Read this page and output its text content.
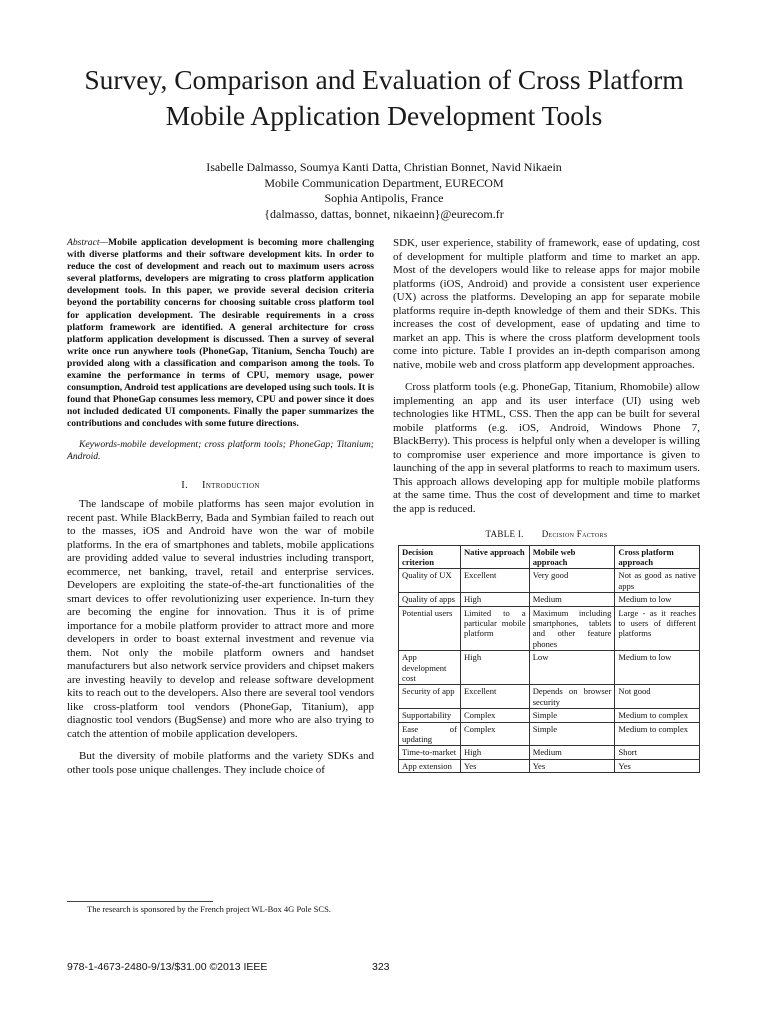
Survey, Comparison and Evaluation of Cross Platform Mobile Application Development Tools
Isabelle Dalmasso, Soumya Kanti Datta, Christian Bonnet, Navid Nikaein
Mobile Communication Department, EURECOM
Sophia Antipolis, France
{dalmasso, dattas, bonnet, nikaeinn}@eurecom.fr
Abstract—Mobile application development is becoming more challenging with diverse platforms and their software development kits. In order to reduce the cost of development and reach out to maximum users across several platforms, developers are migrating to cross platform application development tools. In this paper, we provide several decision criteria beyond the portability concerns for choosing suitable cross platform tool for application development. The desirable requirements in a cross platform framework are identified. A general architecture for cross platform application development is discussed. Then a survey of several write once run anywhere tools (PhoneGap, Titanium, Sencha Touch) are provided along with a classification and comparison among the tools. To examine the performance in terms of CPU, memory usage, power consumption, Android test applications are developed using such tools. It is found that PhoneGap consumes less memory, CPU and power since it does not included dedicated UI components. Finally the paper summarizes the contributions and concludes with some future directions.
Keywords-mobile development; cross platform tools; PhoneGap; Titanium; Android.
I. Introduction

The landscape of mobile platforms has seen major evolution in recent past. While BlackBerry, Bada and Symbian failed to reach out to the masses, iOS and Android have won the war of mobile platforms. In the era of smartphones and tablets, mobile applications are providing added value to several industries including transport, ecommerce, net banking, travel, retail and enterprise services. Developers are exploiting the state-of-the-art functionalities of the smart devices to offer revolutionizing user experience. In-turn they are becoming the engine for innovation. Thus it is of prime importance for a mobile platform provider to attract more and more developers in order to boast external investment and revenue via them. Not only the mobile platform owners and handset manufacturers but also network service providers and chipset makers are investing heavily to develop and release software development kits to reach out to the developers. Also there are several tool vendors like cross-platform tool vendors (PhoneGap, Titanium), app diagnostic tool vendors (BugSense) and more who are also trying to catch the attention of mobile application developers.

But the diversity of mobile platforms and the variety SDKs and other tools pose unique challenges. They include choice of

SDK, user experience, stability of framework, ease of updating, cost of development for multiple platform and time to market an app. Most of the developers would like to release apps for major mobile platforms (iOS, Android) and provide a consistent user experience (UX) across the platforms. Developing an app for separate mobile platforms require in-depth knowledge of them and their SDKs. This increases the cost of development, ease of updating and time to market an app. This is where the cross platform development tools come into picture. Table I provides an in-depth comparison among native, mobile web and cross platform app development approaches.

Cross platform tools (e.g. PhoneGap, Titanium, Rhomobile) allow implementing an app and its user interface (UI) using web technologies like HTML, CSS. Then the app can be built for several mobile platforms (e.g. iOS, Android, Windows Phone 7, BlackBerry). This process is helpful only when a developer is willing to compromise user experience and more importance is given to launching of the app in several platforms to reach to maximum users. This approach allows developing app for multiple mobile platforms at the same time. Thus the cost of development and time to market the app is reduced.

TABLE I. Decision Factors
Decision criterion	Native approach	Mobile web approach	Cross platform approach
Quality of UX	Excellent	Very good	Not as good as native apps
Quality of apps	High	Medium	Medium to low
Potential users	Limited to a particular mobile platform	Maximum including smartphones, tablets and other feature phones	Large - as it reaches to users of different platforms
App development cost	High	Low	Medium to low
Security of app	Excellent	Depends on browser security	Not good
Supportability	Complex	Simple	Medium to complex
Ease of updating	Complex	Simple	Medium to complex
Time-to-market	High	Medium	Short
App extension	Yes	Yes	Yes
The research is sponsored by the French project WL-Box 4G Pole SCS.
978-1-4673-2480-9/13/$31.00 ©2013 IEEE	323
